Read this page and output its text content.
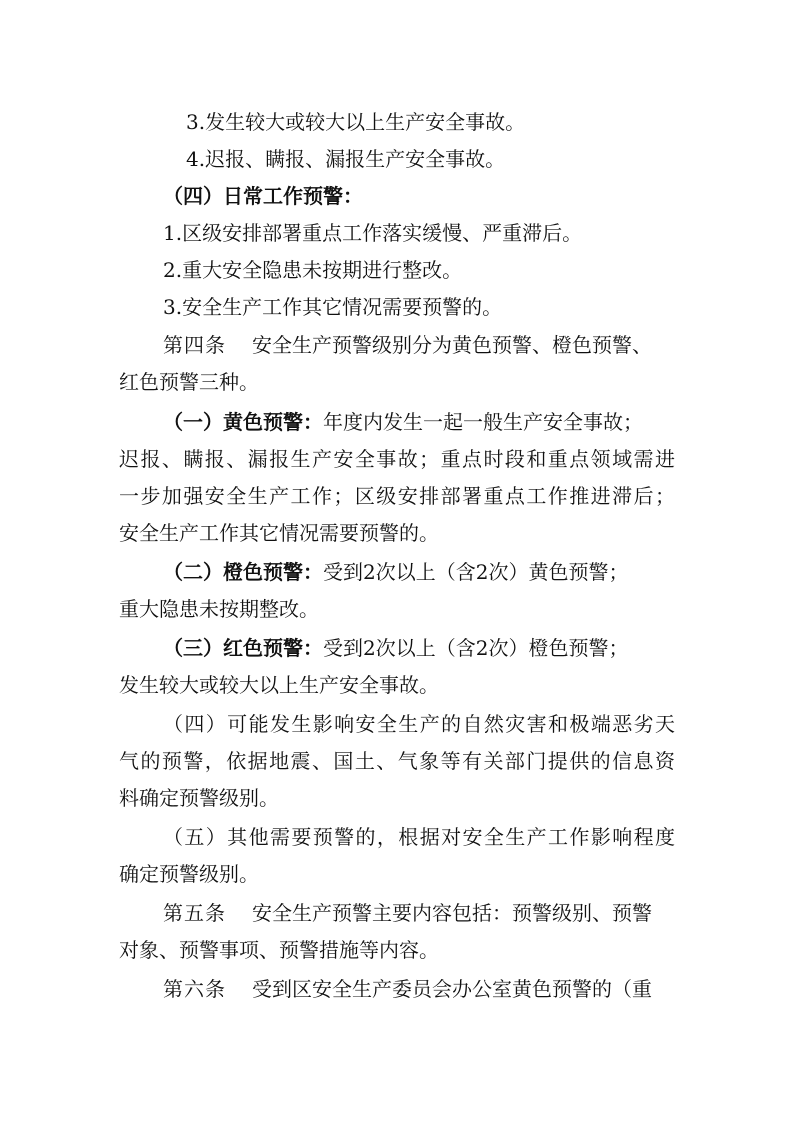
3.发生较大或较大以上生产安全事故。
4.迟报、瞒报、漏报生产安全事故。
（四）日常工作预警：
1.区级安排部署重点工作落实缓慢、严重滞后。
2.重大安全隐患未按期进行整改。
3.安全生产工作其它情况需要预警的。
第四条 安全生产预警级别分为黄色预警、橙色预警、
红色预警三种。
（一）黄色预警：年度内发生一起一般生产安全事故；
迟报、瞒报、漏报生产安全事故；重点时段和重点领域需进
一步加强安全生产工作；区级安排部署重点工作推进滞后；
安全生产工作其它情况需要预警的。
（二）橙色预警：受到2次以上（含2次）黄色预警；
重大隐患未按期整改。
（三）红色预警：受到2次以上（含2次）橙色预警；
发生较大或较大以上生产安全事故。
（四）可能发生影响安全生产的自然灾害和极端恶劣天
气的预警，依据地震、国土、气象等有关部门提供的信息资
料确定预警级别。
（五）其他需要预警的，根据对安全生产工作影响程度
确定预警级别。
第五条 安全生产预警主要内容包括：预警级别、预警
对象、预警事项、预警措施等内容。
第六条 受到区安全生产委员会办公室黄色预警的（重
